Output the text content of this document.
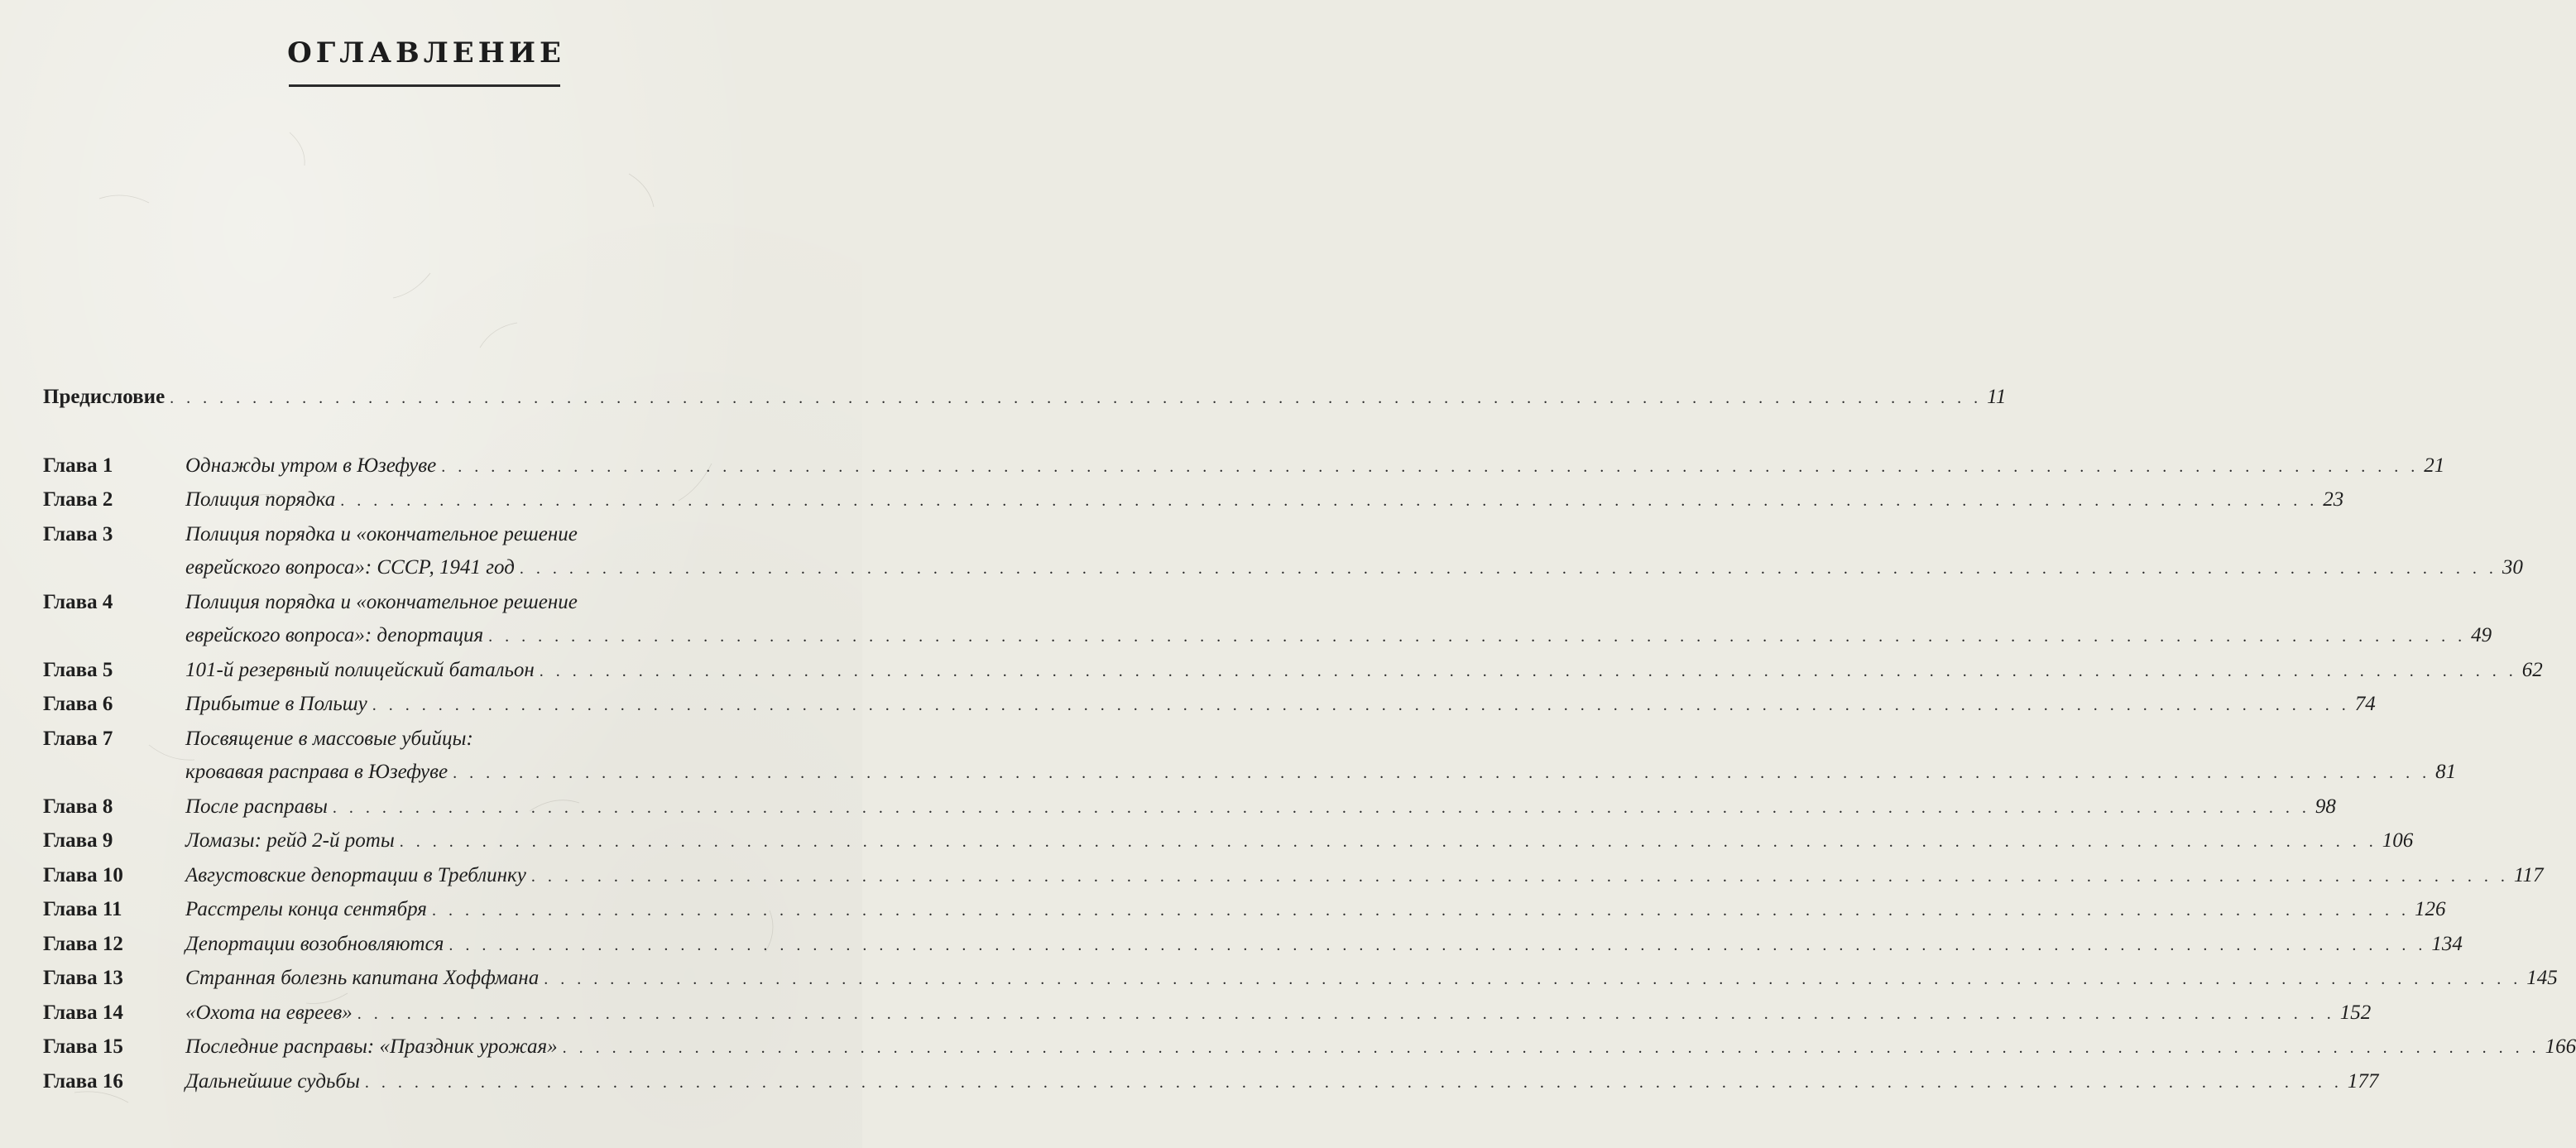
ОГЛАВЛЕНИЕ
Предисловие . . . . . . . . . . . . . . . . . . . . . . . . . . . . . . . . . . . . . . . . . . . . . . . . . . . . . . . . . . . . . . . . . . . . . . . . . . . . . . . . . . . . . . . . . . . . . . . . . . . . . . . . . . . . . . 11
Глава 1	Однажды утром в Юзефуве . . . . . . . . . . . . . . . . . . . . . . . . . . . . . . . . . . . . . . . . . . . . . . . . . . . . . . . . . . . . . . . . . . . . . . . . . . . . . . . . . . . . . . . . . . . . . . . . . . . . . . . . . . . . . . . . . . . . . . . . 21
Глава 2	Полиция порядка . . . . . . . . . . . . . . . . . . . . . . . . . . . . . . . . . . . . . . . . . . . . . . . . . . . . . . . . . . . . . . . . . . . . . . . . . . . . . . . . . . . . . . . . . . . . . . . . . . . . . . . . . . . . . . . . . . . . . . . . 23
Глава 3	Полиция порядка и «окончательное решение
еврейского вопроса»: СССР, 1941 год . . . . . . . . . . . . . . . . . . . . . . . . . . . . . . . . . . . . . . . . . . . . . . . . . . . . . . . . . . . . . . . . . . . . . . . . . . . . . . . . . . . . . . . . . . . . . . . . . . . . . . . . . . . . . . . . . . . . . . . . 30
Глава 4	Полиция порядка и «окончательное решение
еврейского вопроса»: депортация . . . . . . . . . . . . . . . . . . . . . . . . . . . . . . . . . . . . . . . . . . . . . . . . . . . . . . . . . . . . . . . . . . . . . . . . . . . . . . . . . . . . . . . . . . . . . . . . . . . . . . . . . . . . . . . . . . . . . . . . 49
Глава 5	101-й резервный полицейский батальон . . . . . . . . . . . . . . . . . . . . . . . . . . . . . . . . . . . . . . . . . . . . . . . . . . . . . . . . . . . . . . . . . . . . . . . . . . . . . . . . . . . . . . . . . . . . . . . . . . . . . . . . . . . . . . . . . . . . . . . . 62
Глава 6	Прибытие в Польшу . . . . . . . . . . . . . . . . . . . . . . . . . . . . . . . . . . . . . . . . . . . . . . . . . . . . . . . . . . . . . . . . . . . . . . . . . . . . . . . . . . . . . . . . . . . . . . . . . . . . . . . . . . . . . . . . . . . . . . . . 74
Глава 7	Посвящение в массовые убийцы:
кровавая расправа в Юзефуве . . . . . . . . . . . . . . . . . . . . . . . . . . . . . . . . . . . . . . . . . . . . . . . . . . . . . . . . . . . . . . . . . . . . . . . . . . . . . . . . . . . . . . . . . . . . . . . . . . . . . . . . . . . . . . . . . . . . . . . . 81
Глава 8	После расправы . . . . . . . . . . . . . . . . . . . . . . . . . . . . . . . . . . . . . . . . . . . . . . . . . . . . . . . . . . . . . . . . . . . . . . . . . . . . . . . . . . . . . . . . . . . . . . . . . . . . . . . . . . . . . . . . . . . . . . . . 98
Глава 9	Ломазы: рейд 2-й роты . . . . . . . . . . . . . . . . . . . . . . . . . . . . . . . . . . . . . . . . . . . . . . . . . . . . . . . . . . . . . . . . . . . . . . . . . . . . . . . . . . . . . . . . . . . . . . . . . . . . . . . . . . . . . . . . . . . . . . . . 106
Глава 10	Августовские депортации в Треблинку . . . . . . . . . . . . . . . . . . . . . . . . . . . . . . . . . . . . . . . . . . . . . . . . . . . . . . . . . . . . . . . . . . . . . . . . . . . . . . . . . . . . . . . . . . . . . . . . . . . . . . . . . . . . . . . . . . . . . . . . 117
Глава 11	Расстрелы конца сентября . . . . . . . . . . . . . . . . . . . . . . . . . . . . . . . . . . . . . . . . . . . . . . . . . . . . . . . . . . . . . . . . . . . . . . . . . . . . . . . . . . . . . . . . . . . . . . . . . . . . . . . . . . . . . . . . . . . . . . . . 126
Глава 12	Депортации возобновляются . . . . . . . . . . . . . . . . . . . . . . . . . . . . . . . . . . . . . . . . . . . . . . . . . . . . . . . . . . . . . . . . . . . . . . . . . . . . . . . . . . . . . . . . . . . . . . . . . . . . . . . . . . . . . . . . . . . . . . . . 134
Глава 13	Странная болезнь капитана Хоффмана . . . . . . . . . . . . . . . . . . . . . . . . . . . . . . . . . . . . . . . . . . . . . . . . . . . . . . . . . . . . . . . . . . . . . . . . . . . . . . . . . . . . . . . . . . . . . . . . . . . . . . . . . . . . . . . . . . . . . . . . 145
Глава 14	«Охота на евреев» . . . . . . . . . . . . . . . . . . . . . . . . . . . . . . . . . . . . . . . . . . . . . . . . . . . . . . . . . . . . . . . . . . . . . . . . . . . . . . . . . . . . . . . . . . . . . . . . . . . . . . . . . . . . . . . . . . . . . . . . 152
Глава 15	Последние расправы: «Праздник урожая» . . . . . . . . . . . . . . . . . . . . . . . . . . . . . . . . . . . . . . . . . . . . . . . . . . . . . . . . . . . . . . . . . . . . . . . . . . . . . . . . . . . . . . . . . . . . . . . . . . . . . . . . . . . . . . . . . . . . . . . . 166
Глава 16	Дальнейшие судьбы . . . . . . . . . . . . . . . . . . . . . . . . . . . . . . . . . . . . . . . . . . . . . . . . . . . . . . . . . . . . . . . . . . . . . . . . . . . . . . . . . . . . . . . . . . . . . . . . . . . . . . . . . . . . . . . . . . . . . . . . 177
